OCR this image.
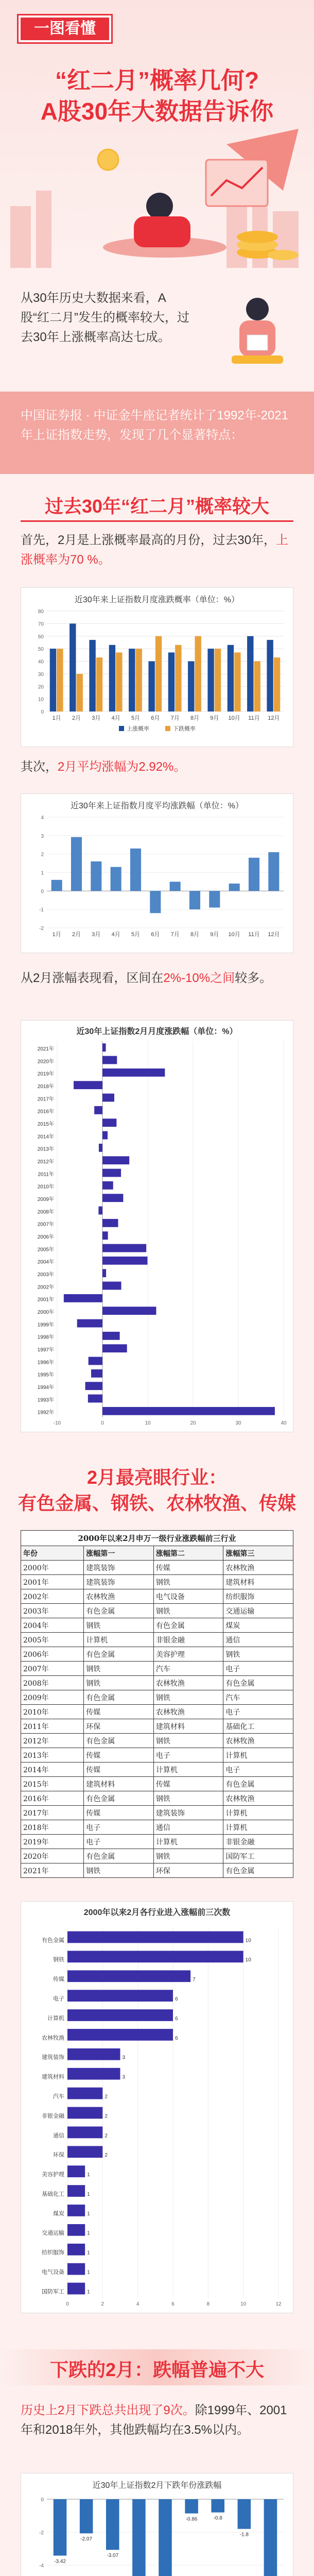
一图看懂
“红二月”概率几何?
A股30年大数据告诉你
从30年历史大数据来看，A股“红二月”发生的概率较大，过去30年上涨概率高达七成。
中国证券报 · 中证金牛座记者统计了1992年-2021年上证指数走势，发现了几个显著特点：
过去30年“红二月”概率较大
首先，2月是上涨概率最高的月份，过去30年，上涨概率为70 %。
近30年来上证指数月度涨跌概率（单位：%）
0
10
20
30
40
50
60
70
80
1月 2月 3月 4月 5月 6月 7月 8月 9月 10月 11月 12月
上涨概率	下跌概率
其次，2月平均涨幅为2.92%。
近30年来上证指数月度平均涨跌幅（单位：%）
-2
-1
0
1
2
3
4
1月 2月 3月 4月 5月 6月 7月 8月 9月 10月 11月 12月
从2月涨幅表现看，区间在2%-10%之间较多。
近30年上证指数2月月度涨跌幅（单位：%）
-10	0	10	20	30	40
2021年
2020年
2019年
2018年
2017年
2016年
2015年
2014年
2013年
2012年
2011年
2010年
2009年
2008年
2007年
2006年
2005年
2004年
2003年
2002年
2001年
2000年
1999年
1998年
1997年
1996年
1995年
1994年
1993年
1992年
2月最亮眼行业：
有色金属、钢铁、农林牧渔、传媒
2000年以来2月申万一级行业涨跌幅前三行业
年份	涨幅第一	涨幅第二	涨幅第三
2000年	建筑装饰	传媒	农林牧渔
2001年	建筑装饰	钢铁	建筑材料
2002年	农林牧渔	电气设备	纺织服饰
2003年	有色金属	钢铁	交通运输
2004年	钢铁	有色金属	煤炭
2005年	计算机	非银金融	通信
2006年	有色金属	美容护理	钢铁
2007年	钢铁	汽车	电子
2008年	钢铁	农林牧渔	有色金属
2009年	有色金属	钢铁	汽车
2010年	传媒	农林牧渔	电子
2011年	环保	建筑材料	基础化工
2012年	有色金属	钢铁	农林牧渔
2013年	传媒	电子	计算机
2014年	传媒	计算机	电子
2015年	建筑材料	传媒	有色金属
2016年	有色金属	钢铁	农林牧渔
2017年	传媒	建筑装饰	计算机
2018年	电子	通信	计算机
2019年	电子	计算机	非银金融
2020年	有色金属	钢铁	国防军工
2021年	钢铁	环保	有色金属
2000年以来2月各行业进入涨幅前三次数
0	2	4	6	8	10	12
有色金属	10
钢铁	10
传媒	7
电子	6
计算机	6
农林牧渔	6
建筑装饰	3
建筑材料	3
汽车	2
非银金融	2
通信	2
环保	2
美容护理	1
基础化工	1
煤炭	1
交通运输	1
纺织服饰	1
电气设备	1
国防军工	1
下跌的2月：跌幅普遍不大
历史上2月下跌总共出现了9次。除1999年、2001年和2018年外，其他跌幅均在3.5%以内。
近30年上证指数2月下跌年份涨跌幅
-4
-2
0
-3.42
-2.07
-3.07
-0.86	-0.8
-1.8
